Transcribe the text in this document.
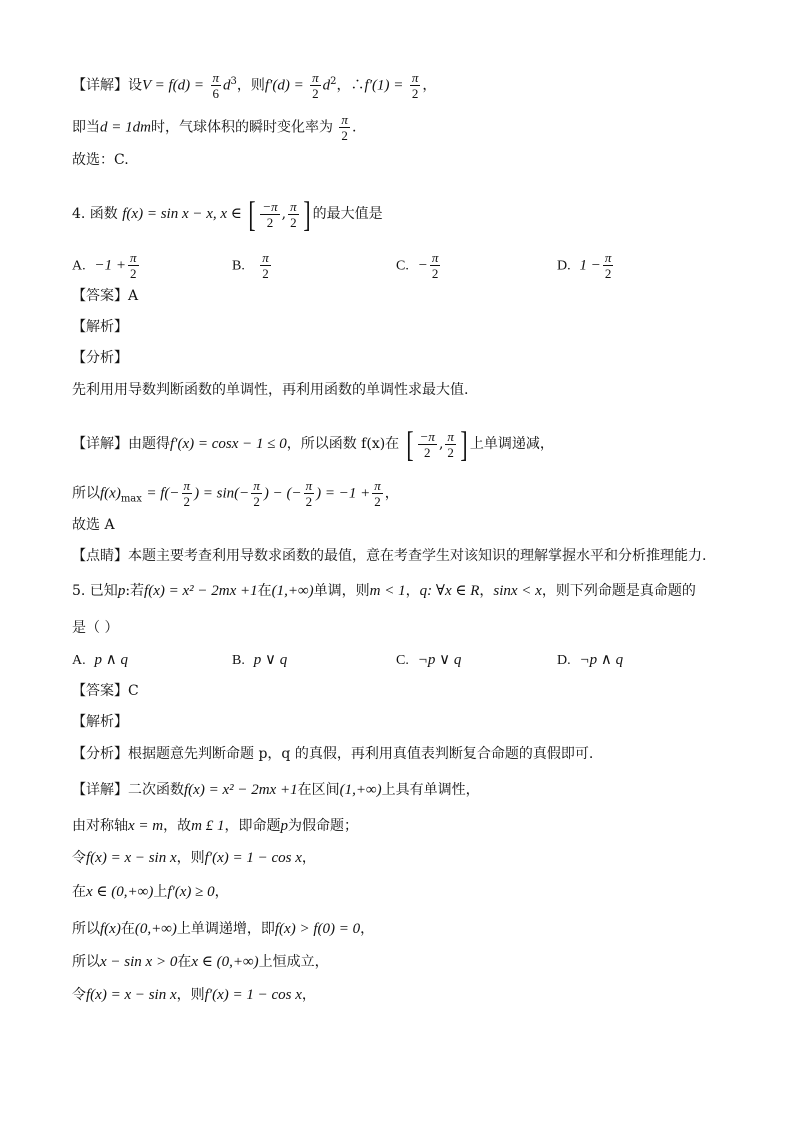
【详解】设$V = f(d) = \frac{\pi}{6} d^3$，则$f'(d) = \frac{\pi}{2} d^2$，∴f′(1) = $\frac{\pi}{2}$ ，
即当d = 1dm时，气球体积的瞬时变化率为 $\frac{\pi}{2}$ .
故选：C.
4. 函数 f(x) = sin x − x, x ∈ [ $\frac{-\pi}{2}$ , $\frac{\pi}{2}$ ] 的最大值是
A. $-1 + \frac{\pi}{2}$	B. $\frac{\pi}{2}$	C. − $\frac{\pi}{2}$	D. $1 - \frac{\pi}{2}$
【答案】A
【解析】
【分析】
先利用用导数判断函数的单调性，再利用函数的单调性求最大值.
【详解】由题得f′(x) = cosx − 1 ≤ 0，所以函数 f(x)在 [ $\frac{-\pi}{2}$ , $\frac{\pi}{2}$ ] 上单调递减，
所以$f(x)_{max} = f(- \frac{\pi}{2}$ ) = $\sin(- \frac{\pi}{2}$ ) − (− $\frac{\pi}{2}$ ) = $-1 + \frac{\pi}{2}$ ，
故选 A
【点睛】本题主要考查利用导数求函数的最值，意在考查学生对该知识的理解掌握水平和分析推理能力.
5. 已知p:若f(x) = x² − 2mx +1在(1,+∞)单调，则m < 1，q: ∀x ∈ R，sinx < x，则下列命题是真命题的
是（ ）
A. p ∧ q	B. p ∨ q	C. ¬p ∨ q	D. ¬p ∧ q
【答案】C
【解析】
【分析】根据题意先判断命题 p，q 的真假，再利用真值表判断复合命题的真假即可.
【详解】二次函数f(x) = x² − 2mx +1在区间(1,+∞)上具有单调性，
由对称轴x = m，故m £ 1，即命题p为假命题；
令f(x) = x − sin x，则f′(x) = 1 − cos x，
在x ∈ (0,+∞)上f′(x) ≥ 0，
所以f(x)在(0,+∞)上单调递增，即f(x) > f(0) = 0，
所以x − sin x > 0在x ∈ (0,+∞)上恒成立，
令f(x) = x − sin x，则f′(x) = 1 − cos x，
